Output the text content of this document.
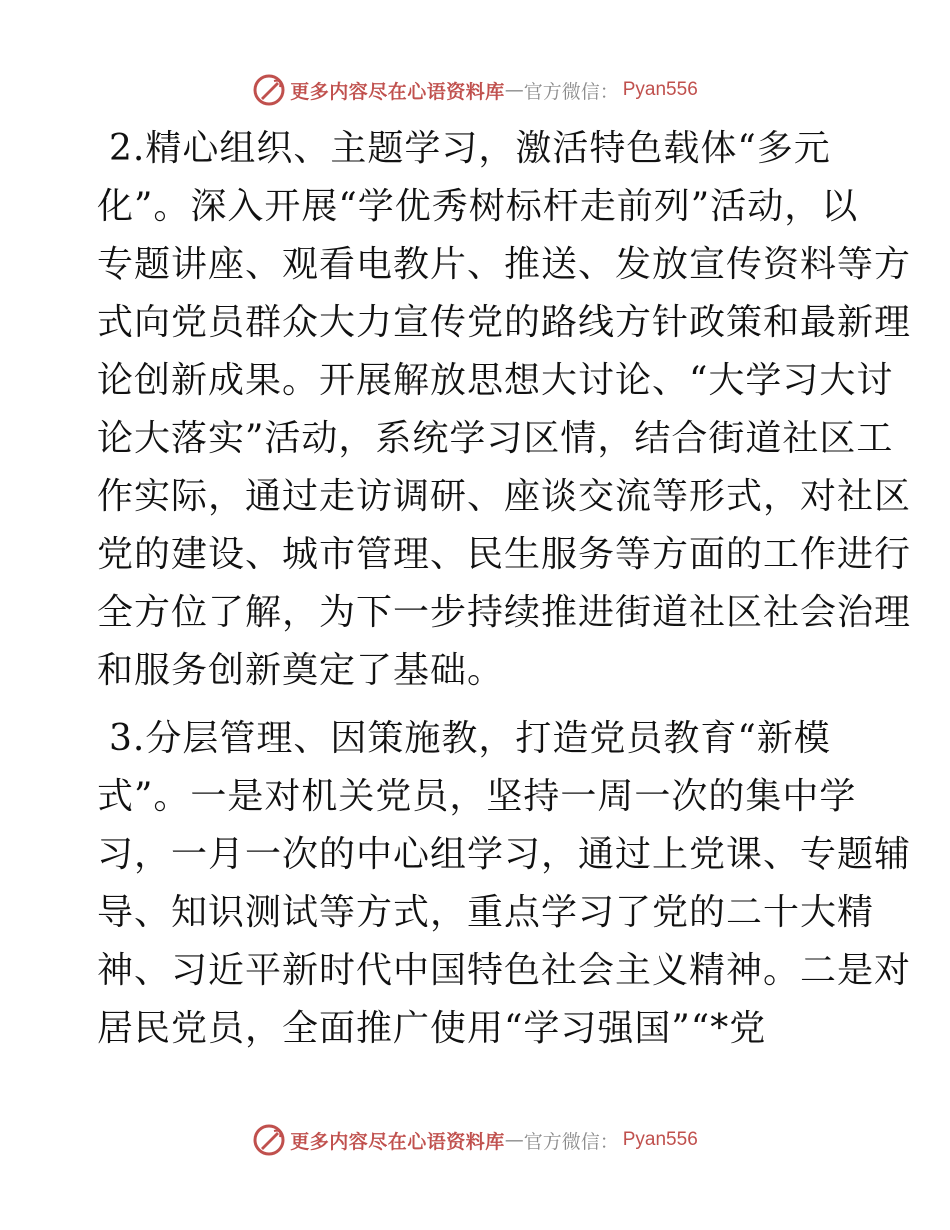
更多内容尽在心语资料库 — 官方微信： Pyan556

2.精心组织、主题学习，激活特色载体“多元
化”。深入开展“学优秀树标杆走前列”活动，以
专题讲座、观看电教片、推送、发放宣传资料等方
式向党员群众大力宣传党的路线方针政策和最新理
论创新成果。开展解放思想大讨论、“大学习大讨
论大落实”活动，系统学习区情，结合街道社区工
作实际，通过走访调研、座谈交流等形式，对社区
党的建设、城市管理、民生服务等方面的工作进行
全方位了解，为下一步持续推进街道社区社会治理
和服务创新奠定了基础。

3.分层管理、因策施教，打造党员教育“新模
式”。一是对机关党员，坚持一周一次的集中学
习，一月一次的中心组学习，通过上党课、专题辅
导、知识测试等方式，重点学习了党的二十大精
神、习近平新时代中国特色社会主义精神。二是对
居民党员，全面推广使用“学习强国”“*党

更多内容尽在心语资料库 — 官方微信： Pyan556
